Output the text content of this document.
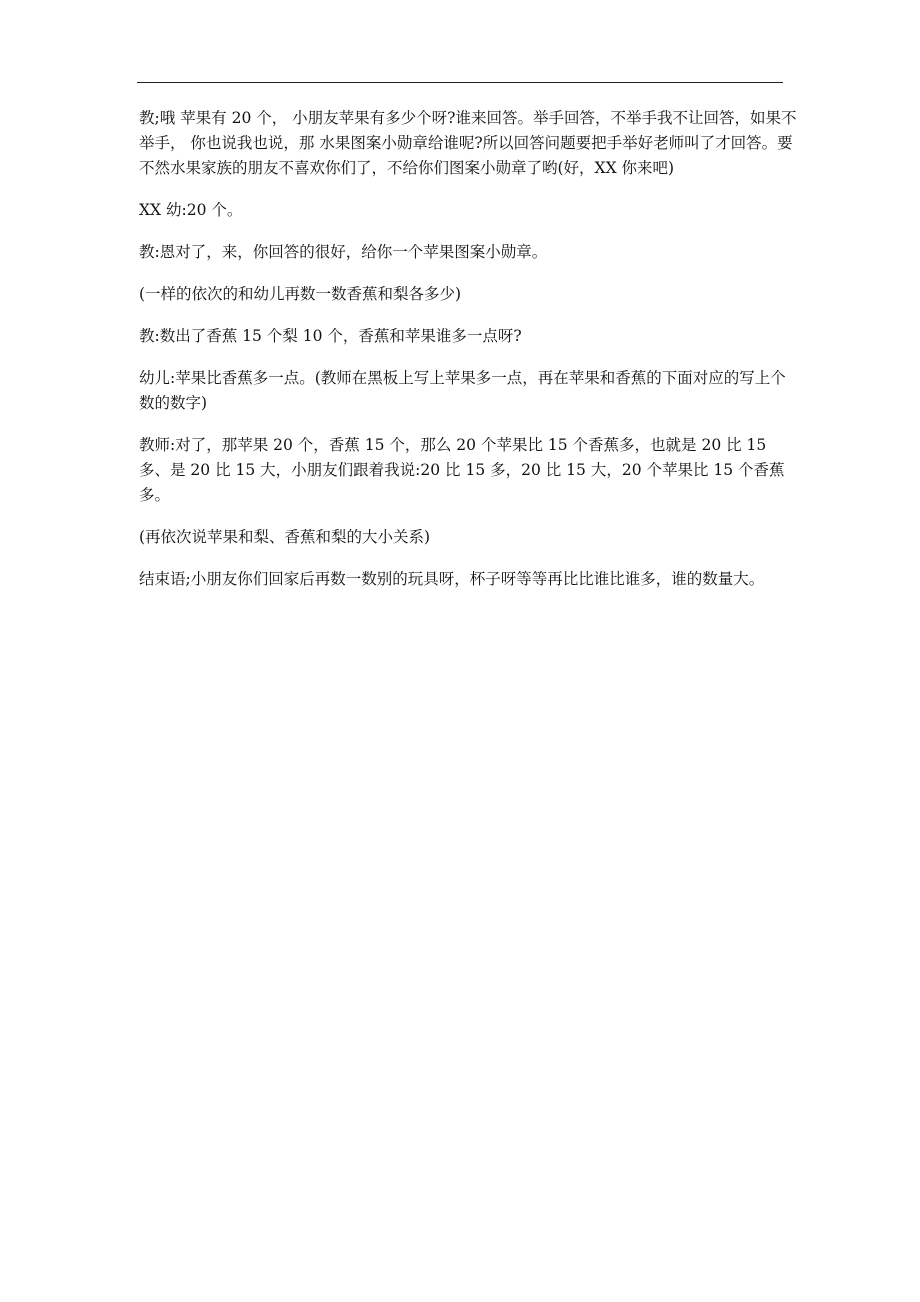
教;哦 苹果有 20 个， 小朋友苹果有多少个呀?谁来回答。举手回答，不举手我不让回答，如果不举手， 你也说我也说，那 水果图案小勋章给谁呢?所以回答问题要把手举好老师叫了才回答。要不然水果家族的朋友不喜欢你们了，不给你们图案小勋章了哟(好，XX 你来吧)

XX 幼:20 个。

教:恩对了，来，你回答的很好，给你一个苹果图案小勋章。

(一样的依次的和幼儿再数一数香蕉和梨各多少)

教:数出了香蕉 15 个梨 10 个，香蕉和苹果谁多一点呀?

幼儿:苹果比香蕉多一点。(教师在黑板上写上苹果多一点，再在苹果和香蕉的下面对应的写上个数的数字)

教师:对了，那苹果 20 个，香蕉 15 个，那么 20 个苹果比 15 个香蕉多，也就是 20 比 15 多、是 20 比 15 大，小朋友们跟着我说:20 比 15 多，20 比 15 大，20 个苹果比 15 个香蕉多。

(再依次说苹果和梨、香蕉和梨的大小关系)

结束语;小朋友你们回家后再数一数别的玩具呀，杯子呀等等再比比谁比谁多，谁的数量大。
